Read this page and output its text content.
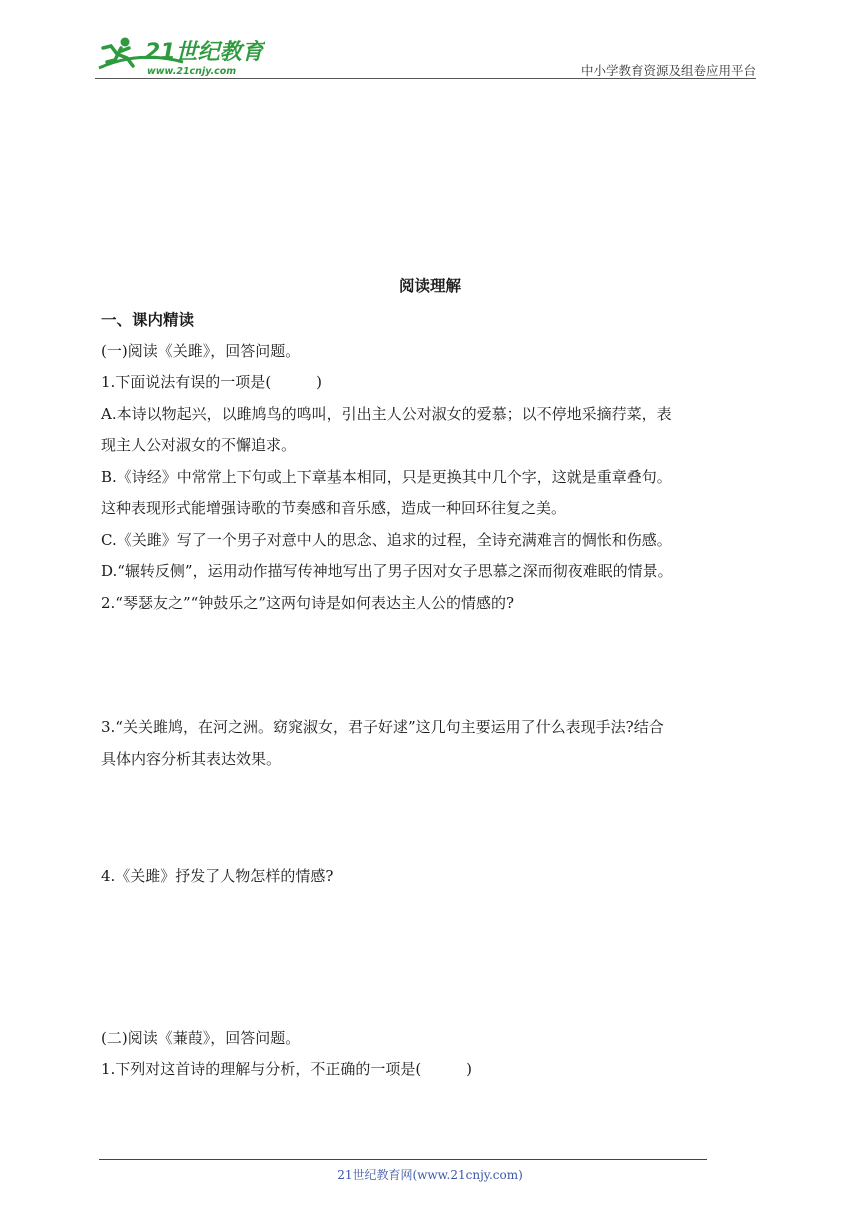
21世纪教育
www.21cnjy.com	中小学教育资源及组卷应用平台
阅读理解
一、课内精读
(一)阅读《关雎》，回答问题。
1.下面说法有误的一项是(　　　)
A.本诗以物起兴，以雎鸠鸟的鸣叫，引出主人公对淑女的爱慕；以不停地采摘荇菜，表
现主人公对淑女的不懈追求。
B.《诗经》中常常上下句或上下章基本相同，只是更换其中几个字，这就是重章叠句。
这种表现形式能增强诗歌的节奏感和音乐感，造成一种回环往复之美。
C.《关雎》写了一个男子对意中人的思念、追求的过程，全诗充满难言的惆怅和伤感。
D.“辗转反侧”，运用动作描写传神地写出了男子因对女子思慕之深而彻夜难眠的情景。
2.“琴瑟友之”“钟鼓乐之”这两句诗是如何表达主人公的情感的?
3.“关关雎鸠，在河之洲。窈窕淑女，君子好逑”这几句主要运用了什么表现手法?结合
具体内容分析其表达效果。
4.《关雎》抒发了人物怎样的情感?
(二)阅读《蒹葭》，回答问题。
1.下列对这首诗的理解与分析，不正确的一项是(　　　)
21世纪教育网(www.21cnjy.com)
